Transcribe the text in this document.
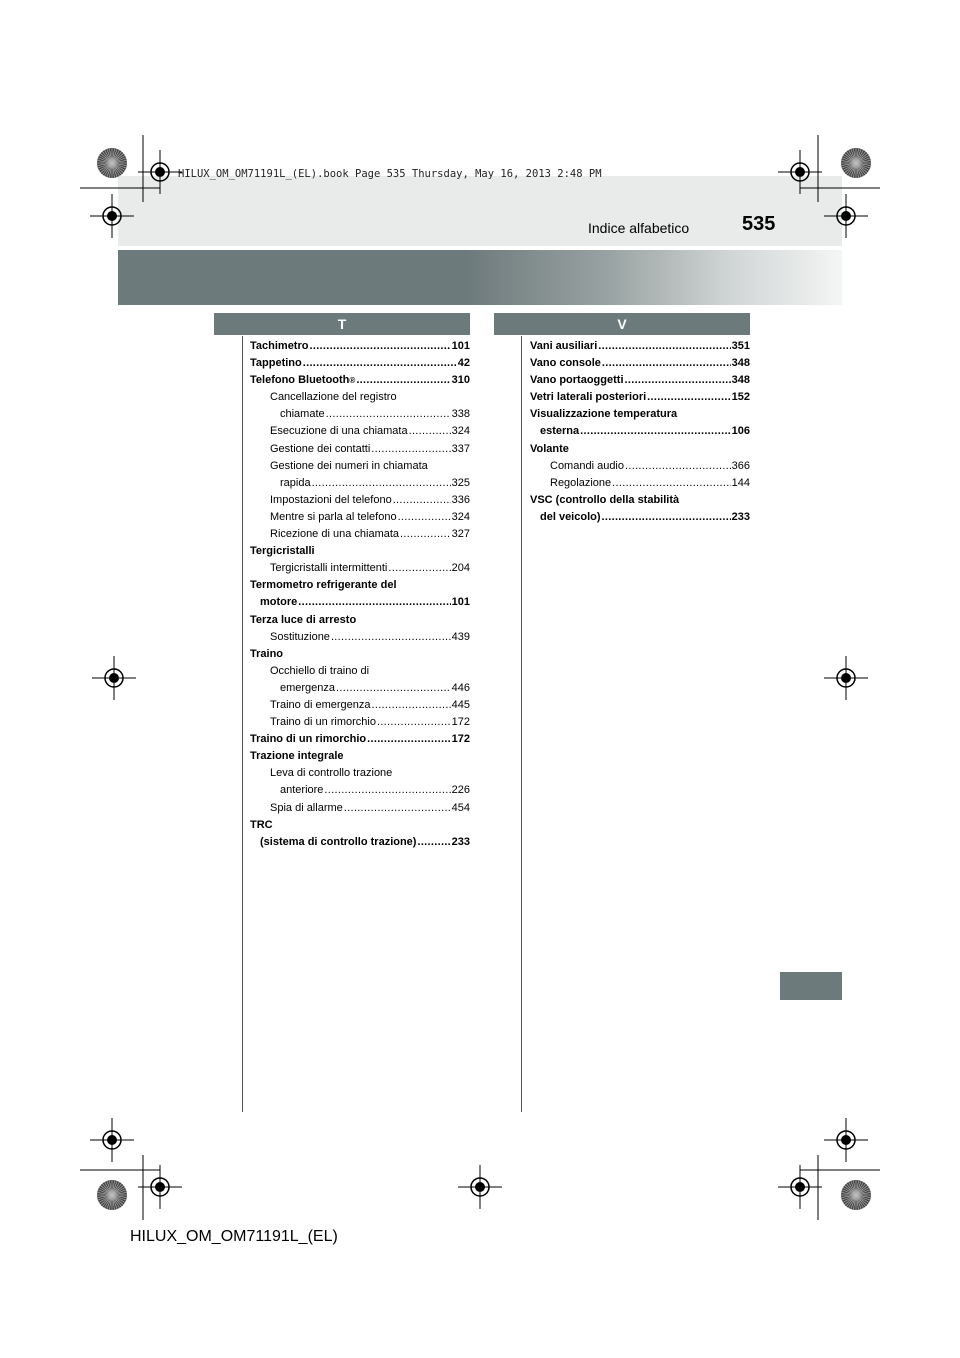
HILUX_OM_OM71191L_(EL).book Page 535 Thursday, May 16, 2013 2:48 PM
Indice alfabetico	535
T	V
Tachimetro .....	101
Tappetino .....	42
Telefono Bluetooth ® .....	310
Cancellazione del registro
chiamate .....	338
Esecuzione di una chiamata .....	324
Gestione dei contatti .....	337
Gestione dei numeri in chiamata
rapida .....	325
Impostazioni del telefono .....	336
Mentre si parla al telefono .....	324
Ricezione di una chiamata .....	327
Tergicristalli
Tergicristalli intermittenti .....	204
Termometro refrigerante del
motore .....	101
Terza luce di arresto
Sostituzione .....	439
Traino
Occhiello di traino di
emergenza .....	446
Traino di emergenza .....	445
Traino di un rimorchio .....	172
Traino di un rimorchio .....	172
Trazione integrale
Leva di controllo trazione
anteriore .....	226
Spia di allarme .....	454
TRC
(sistema di controllo trazione) .....	233
Vani ausiliari .....	351
Vano console .....	348
Vano portaoggetti .....	348
Vetri laterali posteriori .....	152
Visualizzazione temperatura
esterna .....	106
Volante
Comandi audio .....	366
Regolazione .....	144
VSC (controllo della stabilità
del veicolo) .....	233
HILUX_OM_OM71191L_(EL)
